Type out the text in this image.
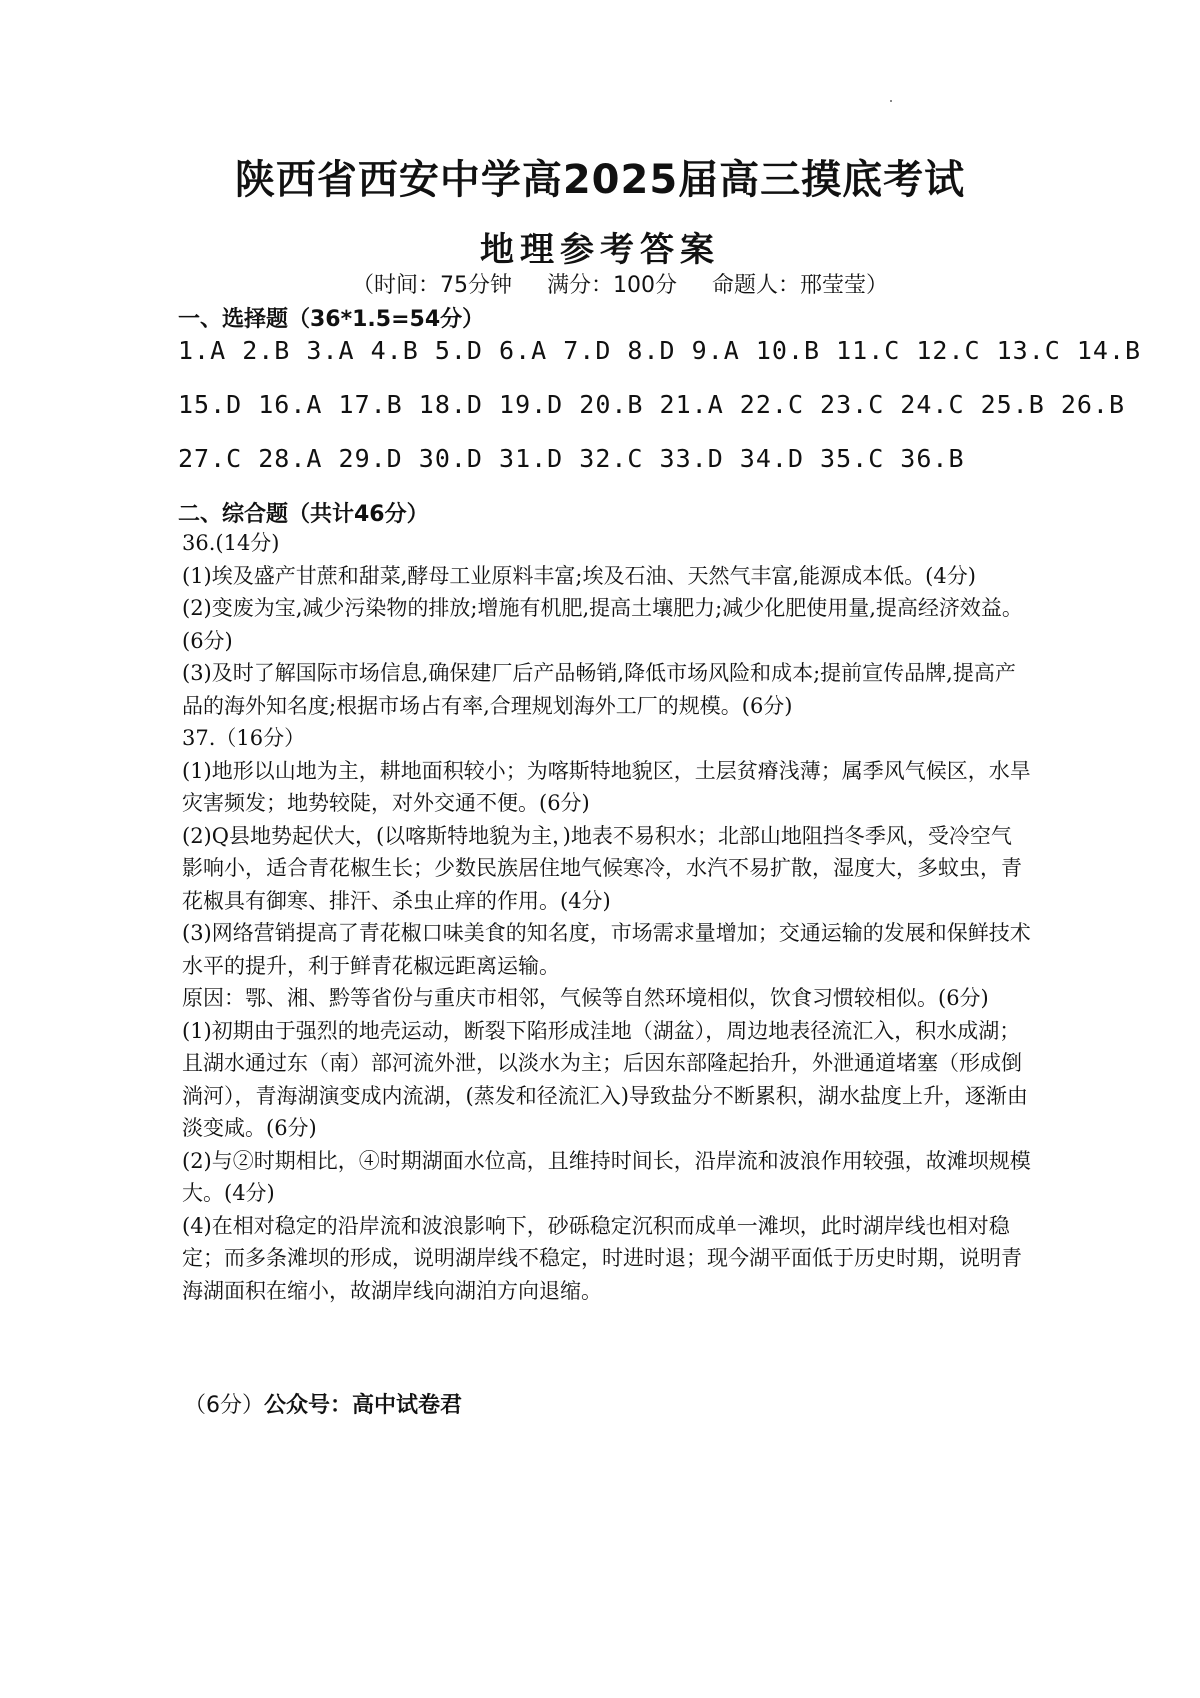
陕西省西安中学高2025届高三摸底考试
地理参考答案
（时间：75分钟 满分：100分 命题人：邢莹莹）
一、选择题（36*1.5=54分）
1.A 2.B 3.A 4.B 5.D 6.A 7.D 8.D 9.A 10.B 11.C 12.C 13.C 14.B
15.D 16.A 17.B 18.D 19.D 20.B 21.A 22.C 23.C 24.C 25.B 26.B
27.C 28.A 29.D 30.D 31.D 32.C 33.D 34.D 35.C 36.B
二、综合题（共计46分）

36.(14分)

(1)埃及盛产甘蔗和甜菜,酵母工业原料丰富;埃及石油、天然气丰富,能源成本低。(4分)

(2)变废为宝,减少污染物的排放;增施有机肥,提高土壤肥力;减少化肥使用量,提高经济效益。(6分)

(3)及时了解国际市场信息,确保建厂后产品畅销,降低市场风险和成本;提前宣传品牌,提高产品的海外知名度;根据市场占有率,合理规划海外工厂的规模。(6分)

37.（16分）

(1)地形以山地为主，耕地面积较小；为喀斯特地貌区，土层贫瘠浅薄；属季风气候区，水旱灾害频发；地势较陡，对外交通不便。(6分)

(2)Q县地势起伏大，(以喀斯特地貌为主，)地表不易积水；北部山地阻挡冬季风，受冷空气影响小，适合青花椒生长；少数民族居住地气候寒冷，水汽不易扩散，湿度大，多蚊虫，青花椒具有御寒、排汗、杀虫止痒的作用。(4分)

(3)网络营销提高了青花椒口味美食的知名度，市场需求量增加；交通运输的发展和保鲜技术水平的提升，利于鲜青花椒远距离运输。

原因：鄂、湘、黔等省份与重庆市相邻，气候等自然环境相似，饮食习惯较相似。(6分)

(1)初期由于强烈的地壳运动，断裂下陷形成洼地（湖盆），周边地表径流汇入，积水成湖；且湖水通过东（南）部河流外泄，以淡水为主；后因东部隆起抬升，外泄通道堵塞（形成倒淌河），青海湖演变成内流湖，(蒸发和径流汇入)导致盐分不断累积，湖水盐度上升，逐渐由淡变咸。(6分)

(2)与②时期相比，④时期湖面水位高，且维持时间长，沿岸流和波浪作用较强，故滩坝规模大。(4分)

(4)在相对稳定的沿岸流和波浪影响下，砂砾稳定沉积而成单一滩坝，此时湖岸线也相对稳定；而多条滩坝的形成，说明湖岸线不稳定，时进时退；现今湖平面低于历史时期，说明青海湖面积在缩小，故湖岸线向湖泊方向退缩。

（6分）公众号：高中试卷君
